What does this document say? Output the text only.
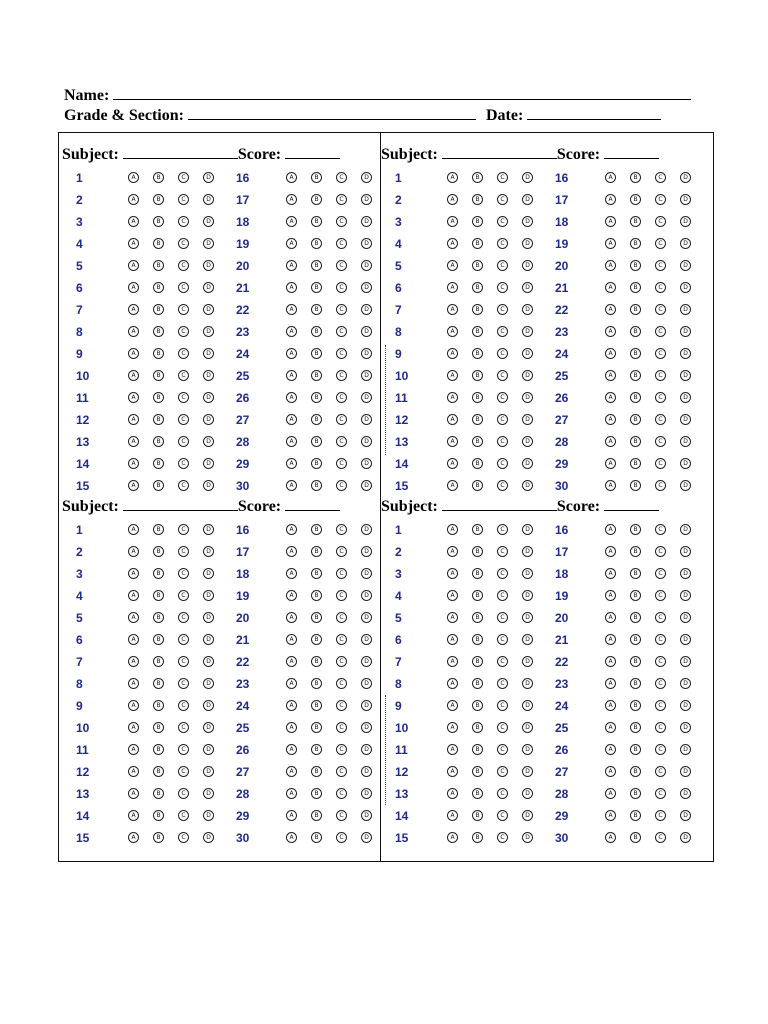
Name:
Grade & Section:	Date:
Subject:	Score:
1	A	B	C	D 16	A	B	C	D
2	A	B	C	D 17	A	B	C	D
3	A	B	C	D 18	A	B	C	D
4	A	B	C	D 19	A	B	C	D
5	A	B	C	D 20	A	B	C	D
6	A	B	C	D 21	A	B	C	D
7	A	B	C	D 22	A	B	C	D
8	A	B	C	D 23	A	B	C	D
9	A	B	C	D 24	A	B	C	D
10	A	B	C	D 25	A	B	C	D
11	A	B	C	D 26	A	B	C	D
12	A	B	C	D 27	A	B	C	D
13	A	B	C	D 28	A	B	C	D
14	A	B	C	D 29	A	B	C	D
15	A	B	C	D 30	A	B	C	D
Subject:	Score:
1	A	B	C	D 16	A	B	C	D
2	A	B	C	D 17	A	B	C	D
3	A	B	C	D 18	A	B	C	D
4	A	B	C	D 19	A	B	C	D
5	A	B	C	D 20	A	B	C	D
6	A	B	C	D 21	A	B	C	D
7	A	B	C	D 22	A	B	C	D
8	A	B	C	D 23	A	B	C	D
9	A	B	C	D 24	A	B	C	D
10	A	B	C	D 25	A	B	C	D
11	A	B	C	D 26	A	B	C	D
12	A	B	C	D 27	A	B	C	D
13	A	B	C	D 28	A	B	C	D
14	A	B	C	D 29	A	B	C	D
15	A	B	C	D 30	A	B	C	D
Subject:	Score:
1	A	B	C	D 16	A	B	C	D
2	A	B	C	D 17	A	B	C	D
3	A	B	C	D 18	A	B	C	D
4	A	B	C	D 19	A	B	C	D
5	A	B	C	D 20	A	B	C	D
6	A	B	C	D 21	A	B	C	D
7	A	B	C	D 22	A	B	C	D
8	A	B	C	D 23	A	B	C	D
9	A	B	C	D 24	A	B	C	D
10	A	B	C	D 25	A	B	C	D
11	A	B	C	D 26	A	B	C	D
12	A	B	C	D 27	A	B	C	D
13	A	B	C	D 28	A	B	C	D
14	A	B	C	D 29	A	B	C	D
15	A	B	C	D 30	A	B	C	D
Subject:	Score:
1	A	B	C	D 16	A	B	C	D
2	A	B	C	D 17	A	B	C	D
3	A	B	C	D 18	A	B	C	D
4	A	B	C	D 19	A	B	C	D
5	A	B	C	D 20	A	B	C	D
6	A	B	C	D 21	A	B	C	D
7	A	B	C	D 22	A	B	C	D
8	A	B	C	D 23	A	B	C	D
9	A	B	C	D 24	A	B	C	D
10	A	B	C	D 25	A	B	C	D
11	A	B	C	D 26	A	B	C	D
12	A	B	C	D 27	A	B	C	D
13	A	B	C	D 28	A	B	C	D
14	A	B	C	D 29	A	B	C	D
15	A	B	C	D 30	A	B	C	D
